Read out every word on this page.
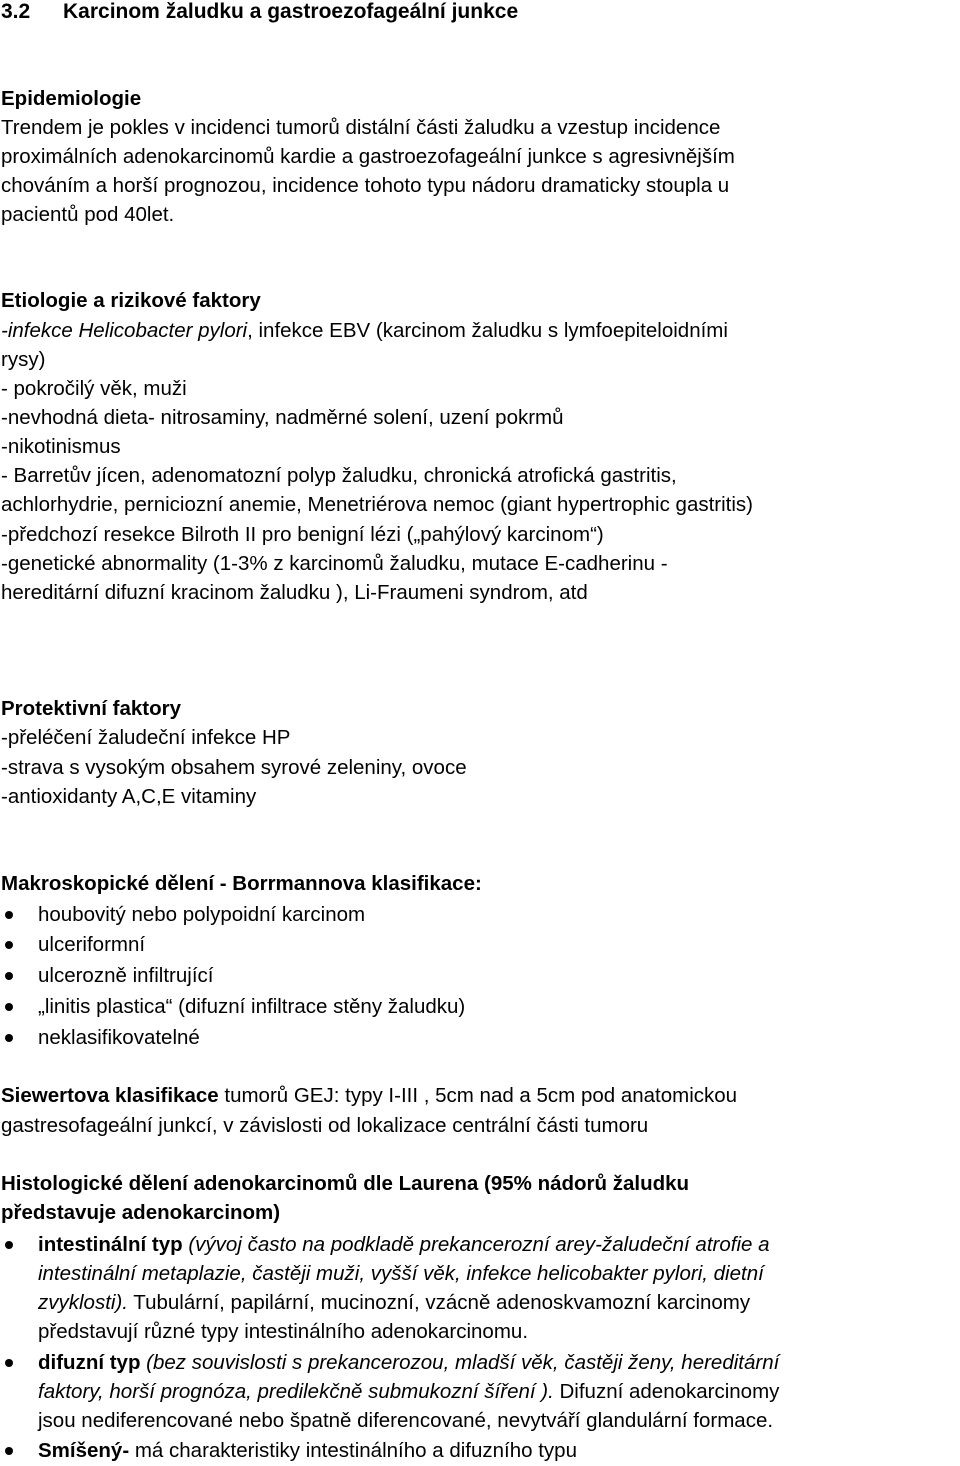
3.2 Karcinom žaludku a gastroezofageální junkce
Epidemiologie
Trendem je pokles v incidenci tumorů distální části žaludku a vzestup incidence
proximálních adenokarcinomů kardie a gastroezofageální junkce s agresivnějším
chováním a horší prognozou, incidence tohoto typu nádoru dramaticky stoupla u
pacientů pod 40let.
Etiologie a rizikové faktory
-infekce Helicobacter pylori, infekce EBV (karcinom žaludku s lymfoepiteloidními
rysy)
- pokročilý věk, muži
-nevhodná dieta- nitrosaminy, nadměrné solení, uzení pokrmů
-nikotinismus
- Barretův jícen, adenomatozní polyp žaludku, chronická atrofická gastritis,
achlorhydrie, perniciozní anemie, Menetriérova nemoc (giant hypertrophic gastritis)
-předchozí resekce Bilroth II pro benigní lézi („pahýlový karcinom“)
-genetické abnormality (1-3% z karcinomů žaludku, mutace E-cadherinu -
hereditární difuzní kracinom žaludku ), Li-Fraumeni syndrom, atd
Protektivní faktory
-přeléčení žaludeční infekce HP
-strava s vysokým obsahem syrové zeleniny, ovoce
-antioxidanty A,C,E vitaminy
Makroskopické dělení - Borrmannova klasifikace:
houbovitý nebo polypoidní karcinom
ulceriformní
ulcerozně infiltrující
„linitis plastica“ (difuzní infiltrace stěny žaludku)
neklasifikovatelné
Siewertova klasifikace tumorů GEJ: typy I-III , 5cm nad a 5cm pod anatomickou
gastresofageální junkcí, v závislosti od lokalizace centrální části tumoru
Histologické dělení adenokarcinomů dle Laurena (95% nádorů žaludku
představuje adenokarcinom)
intestinální typ (vývoj často na podkladě prekancerozní arey-žaludeční atrofie a
intestinální metaplazie, častěji muži, vyšší věk, infekce helicobakter pylori, dietní
zvyklosti). Tubulární, papilární, mucinozní, vzácně adenoskvamozní karcinomy
představují různé typy intestinálního adenokarcinomu.
difuzní typ (bez souvislosti s prekancerozou, mladší věk, častěji ženy, hereditární
faktory, horší prognóza, predilekčně submukozní šíření ). Difuzní adenokarcinomy
jsou nediferencované nebo špatně diferencované, nevytváří glandulární formace.
Smíšený- má charakteristiky intestinálního a difuzního typu
